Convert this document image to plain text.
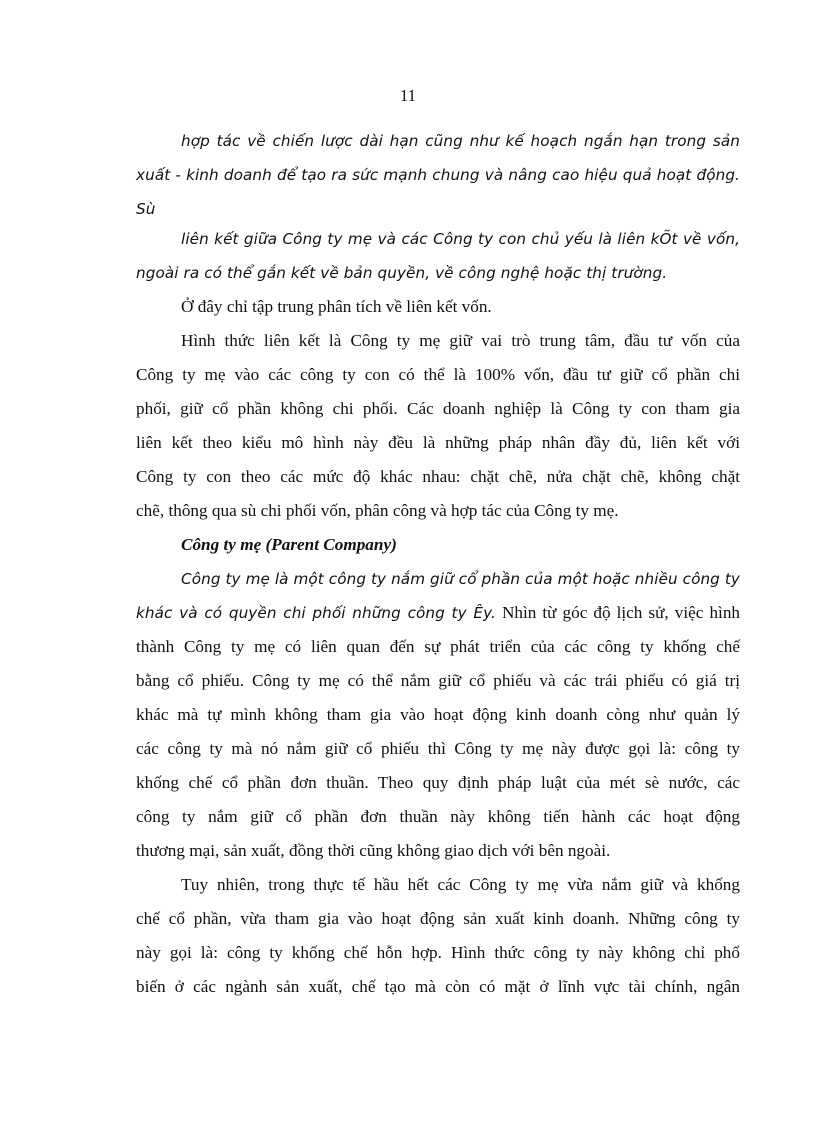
11
hợp tác về chiến lược dài hạn cũng như kế hoạch ngắn hạn trong sản
xuất - kinh doanh để tạo ra sức mạnh chung và nâng cao hiệu quả hoạt động.
Sù
liên kết giữa Công ty mẹ và các Công ty con chủ yếu là liên kÕt về vốn,
ngoài ra có thể gắn kết về bản quyền, về công nghệ hoặc thị trường.
Ở đây chỉ tập trung phân tích về liên kết vốn.
Hình thức liên kết là Công ty mẹ giữ vai trò trung tâm, đầu tư vốn của
Công ty mẹ vào các công ty con có thể là 100% vốn, đầu tư giữ cổ phần chi
phối, giữ cổ phần không chi phối. Các doanh nghiệp là Công ty con tham gia
liên kết theo kiểu mô hình này đều là những pháp nhân đầy đủ, liên kết với
Công ty con theo các mức độ khác nhau: chặt chẽ, nửa chặt chẽ, không chặt
chẽ, thông qua sù chi phối vốn, phân công và hợp tác của Công ty mẹ.
Công ty mẹ (Parent Company)
Công ty mẹ là một công ty nắm giữ cổ phần của một hoặc nhiều công ty
khác và có quyền chi phối những công ty Êy. Nhìn từ góc độ lịch sử, việc hình
thành Công ty mẹ có liên quan đến sự phát triển của các công ty khống chế
bằng cổ phiếu. Công ty mẹ có thể nắm giữ cổ phiếu và các trái phiếu có giá trị
khác mà tự mình không tham gia vào hoạt động kinh doanh còng như quản lý
các công ty mà nó nắm giữ cổ phiếu thì Công ty mẹ này được gọi là: công ty
khống chế cổ phần đơn thuần. Theo quy định pháp luật của mét sè nước, các
công ty nắm giữ cổ phần đơn thuần này không tiến hành các hoạt động
thương mại, sản xuất, đồng thời cũng không giao dịch với bên ngoài.
Tuy nhiên, trong thực tế hầu hết các Công ty mẹ vừa nắm giữ và khống
chế cổ phần, vừa tham gia vào hoạt động sản xuất kinh doanh. Những công ty
này gọi là: công ty khống chế hỗn hợp. Hình thức công ty này không chỉ phổ
biến ở các ngành sản xuất, chế tạo mà còn có mặt ở lĩnh vực tài chính, ngân
